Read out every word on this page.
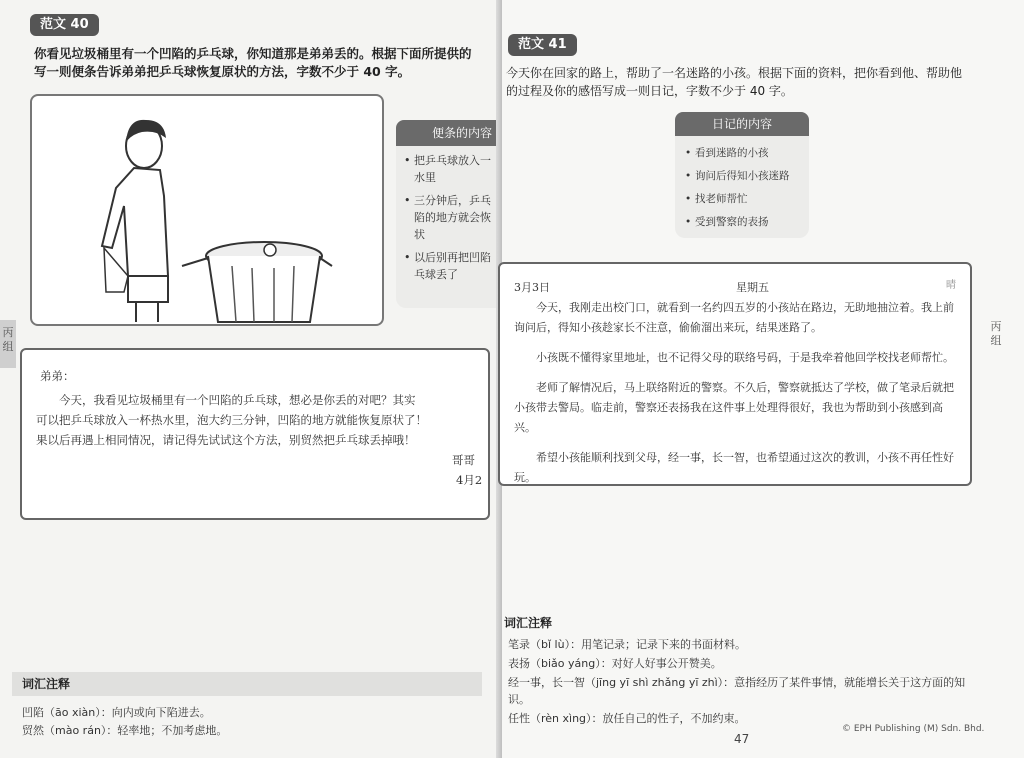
范文 40
你看见垃圾桶里有一个凹陷的乒乓球，你知道那是弟弟丢的。根据下面所提供的
写一则便条告诉弟弟把乒乓球恢复原状的方法，字数不少于 40 字。
便条的内容
• 把乒乓球放入一
水里
• 三分钟后，乒乓
陷的地方就会恢
状
• 以后别再把凹陷
乓球丢了
弟弟：
　　今天，我看见垃圾桶里有一个凹陷的乒乓球，想必是你丢的对吧？其实
可以把乒乓球放入一杯热水里，泡大约三分钟，凹陷的地方就能恢复原状了！
果以后再遇上相同情况，请记得先试试这个方法，别贸然把乒乓球丢掉哦！
哥哥
4月2
词汇注释
凹陷（āo xiàn）：向内或向下陷进去。
贸然（mào rán）：轻率地；不加考虑地。
丙
组
范文 41
今天你在回家的路上，帮助了一名迷路的小孩。根据下面的资料，把你看到他、帮助他
的过程及你的感悟写成一则日记，字数不少于 40 字。
日记的内容
• 看到迷路的小孩
• 询问后得知小孩迷路
• 找老师帮忙
• 受到警察的表扬
3月3日	星期五	晴
今天，我刚走出校门口，就看到一名约四五岁的小孩站在路边，无助地抽泣着。我上前询问后，得知小孩趁家长不注意，偷偷溜出来玩，结果迷路了。
小孩既不懂得家里地址，也不记得父母的联络号码，于是我牵着他回学校找老师帮忙。
老师了解情况后，马上联络附近的警察。不久后，警察就抵达了学校，做了笔录后就把小孩带去警局。临走前，警察还表扬我在这件事上处理得很好，我也为帮助到小孩感到高兴。
希望小孩能顺利找到父母，经一事，长一智，也希望通过这次的教训，小孩不再任性好玩。
丙
组
词汇注释
笔录（bǐ lù）：用笔记录；记录下来的书面材料。
表扬（biǎo yáng）：对好人好事公开赞美。
经一事，长一智（jīng yī shì zhǎng yī zhì）：意指经历了某件事情，就能增长关于这方面的知识。
任性（rèn xìng）：放任自己的性子，不加约束。
47
© EPH Publishing (M) Sdn. Bhd.
